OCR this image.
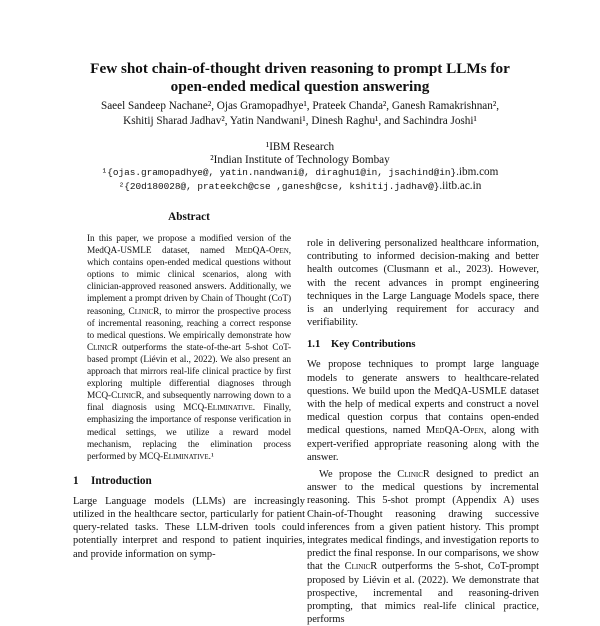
Few shot chain-of-thought driven reasoning to prompt LLMs for
open-ended medical question answering
Saeel Sandeep Nachane², Ojas Gramopadhye¹, Prateek Chanda², Ganesh Ramakrishnan²,
Kshitij Sharad Jadhav², Yatin Nandwani¹, Dinesh Raghu¹, and Sachindra Joshi¹
¹IBM Research
²Indian Institute of Technology Bombay
¹{ojas.gramopadhye@, yatin.nandwani@, diraghu1@in, jsachind@in}.ibm.com
²{20d180028@, prateekch@cse ,ganesh@cse, kshitij.jadhav@}.iitb.ac.in
Abstract
In this paper, we propose a modified version of the MedQA-USMLE dataset, named MedQA-Open, which contains open-ended medical questions without options to mimic clinical scenarios, along with clinician-approved reasoned answers. Additionally, we implement a prompt driven by Chain of Thought (CoT) reasoning, ClinicR, to mirror the prospective process of incremental reasoning, reaching a correct response to medical questions. We empirically demonstrate how ClinicR outperforms the state-of-the-art 5-shot CoT-based prompt (Liévin et al., 2022). We also present an approach that mirrors real-life clinical practice by first exploring multiple differential diagnoses through MCQ-ClinicR, and subsequently narrowing down to a final diagnosis using MCQ-Eliminative. Finally, emphasizing the importance of response verification in medical settings, we utilize a reward model mechanism, replacing the elimination process performed by MCQ-Eliminative.¹
1 Introduction
Large Language models (LLMs) are increasingly utilized in the healthcare sector, particularly for patient query-related tasks. These LLM-driven tools could potentially interpret and respond to patient inquiries, and provide information on symp-

role in delivering personalized healthcare information, contributing to informed decision-making and better health outcomes (Clusmann et al., 2023). However, with the recent advances in prompt engineering techniques in the Large Language Models space, there is an underlying requirement for accuracy and verifiability.

1.1 Key Contributions

We propose techniques to prompt large language models to generate answers to healthcare-related questions. We build upon the MedQA-USMLE dataset with the help of medical experts and construct a novel medical question corpus that contains open-ended medical questions, named MedQA-Open, along with expert-verified appropriate reasoning along with the answer.

We propose the ClinicR designed to predict an answer to the medical questions by incremental reasoning. This 5-shot prompt (Appendix A) uses Chain-of-Thought reasoning drawing successive inferences from a given patient history. This prompt integrates medical findings, and investigation reports to predict the final response. In our comparisons, we show that the ClinicR outperforms the 5-shot, CoT-prompt proposed by Liévin et al. (2022). We demonstrate that prospective, incremental and reasoning-driven prompting, that mimics real-life clinical practice, performs
